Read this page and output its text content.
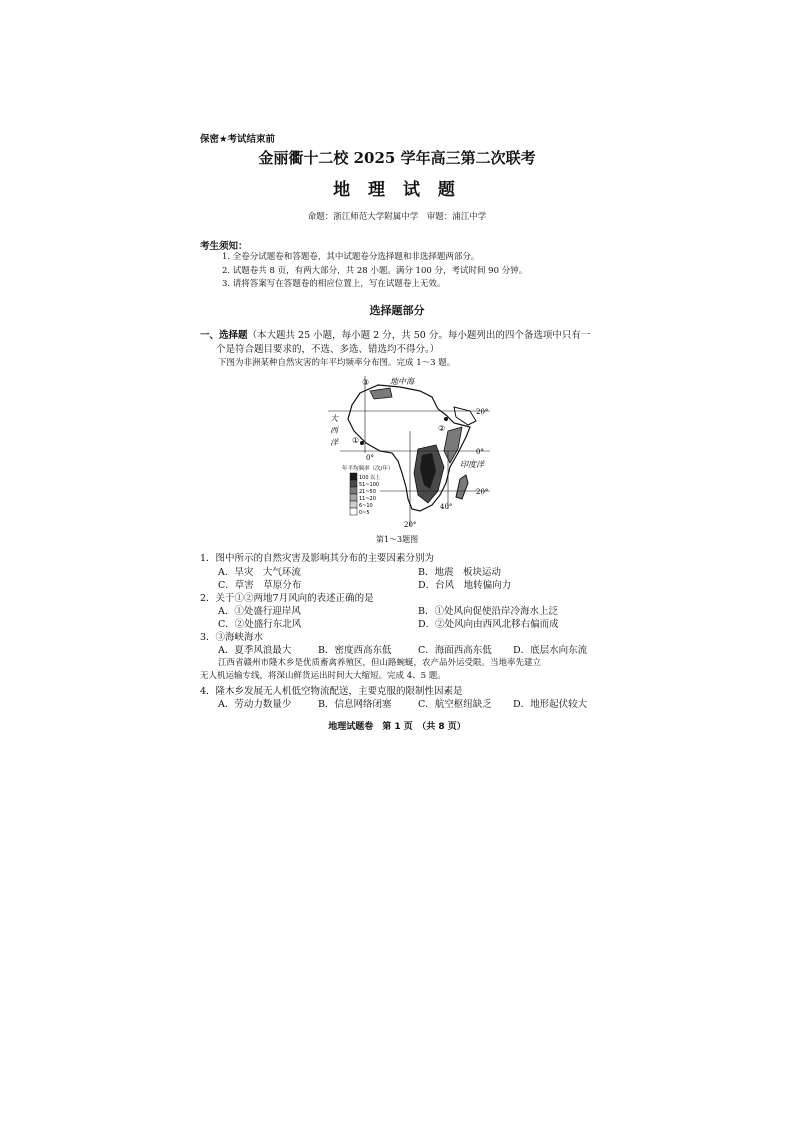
保密★考试结束前
金丽衢十二校 2025 学年高三第二次联考
地 理 试 题
命题：浙江师范大学附属中学　审题：浦江中学
考生须知：
1. 全卷分试题卷和答题卷，其中试题卷分选择题和非选择题两部分。
2. 试题卷共 8 页，有两大部分，共 28 小题。满分 100 分，考试时间 90 分钟。
3. 请将答案写在答题卷的相应位置上，写在试题卷上无效。
选择题部分
一、选择题（本大题共 25 小题，每小题 2 分，共 50 分。每小题列出的四个备选项中只有一
个是符合题目要求的，不选、多选、错选均不得分。）
下图为非洲某种自然灾害的年平均频率分布图。完成 1～3 题。
地中海
大
西
洋
印度洋
③
①
②
20°
0°
20°
0°
20°
40°
年平均频率（次/年）
100 以上
51~100
21~50
11~20
6~10
0~5
第1～3题图
1．图中所示的自然灾害及影响其分布的主要因素分别为
A．旱灾　大气环流	B．地震　板块运动
C．草害　草原分布	D．台风　地转偏向力
2．关于①②两地7月风向的表述正确的是
A．①处盛行迎岸风	B．①处风向促使沿岸冷海水上泛
C．②处盛行东北风	D．②处风向由西风北移右偏而成
3．③海峡海水
A．夏季风浪最大	B．密度西高东低	C．海面西高东低 D．底层水向东流
江西省赣州市隆木乡是优质畜禽养殖区，但山路蜿蜒，农产品外运受限。当地率先建立
无人机运输专线，将深山鲜货运出时间大大缩短。完成 4、5 题。
4．隆木乡发展无人机低空物流配送，主要克服的限制性因素是
A．劳动力数量少	B．信息网络闭塞	C．航空枢纽缺乏 D．地形起伏较大
地理试题卷　第 1 页　（共 8 页）
